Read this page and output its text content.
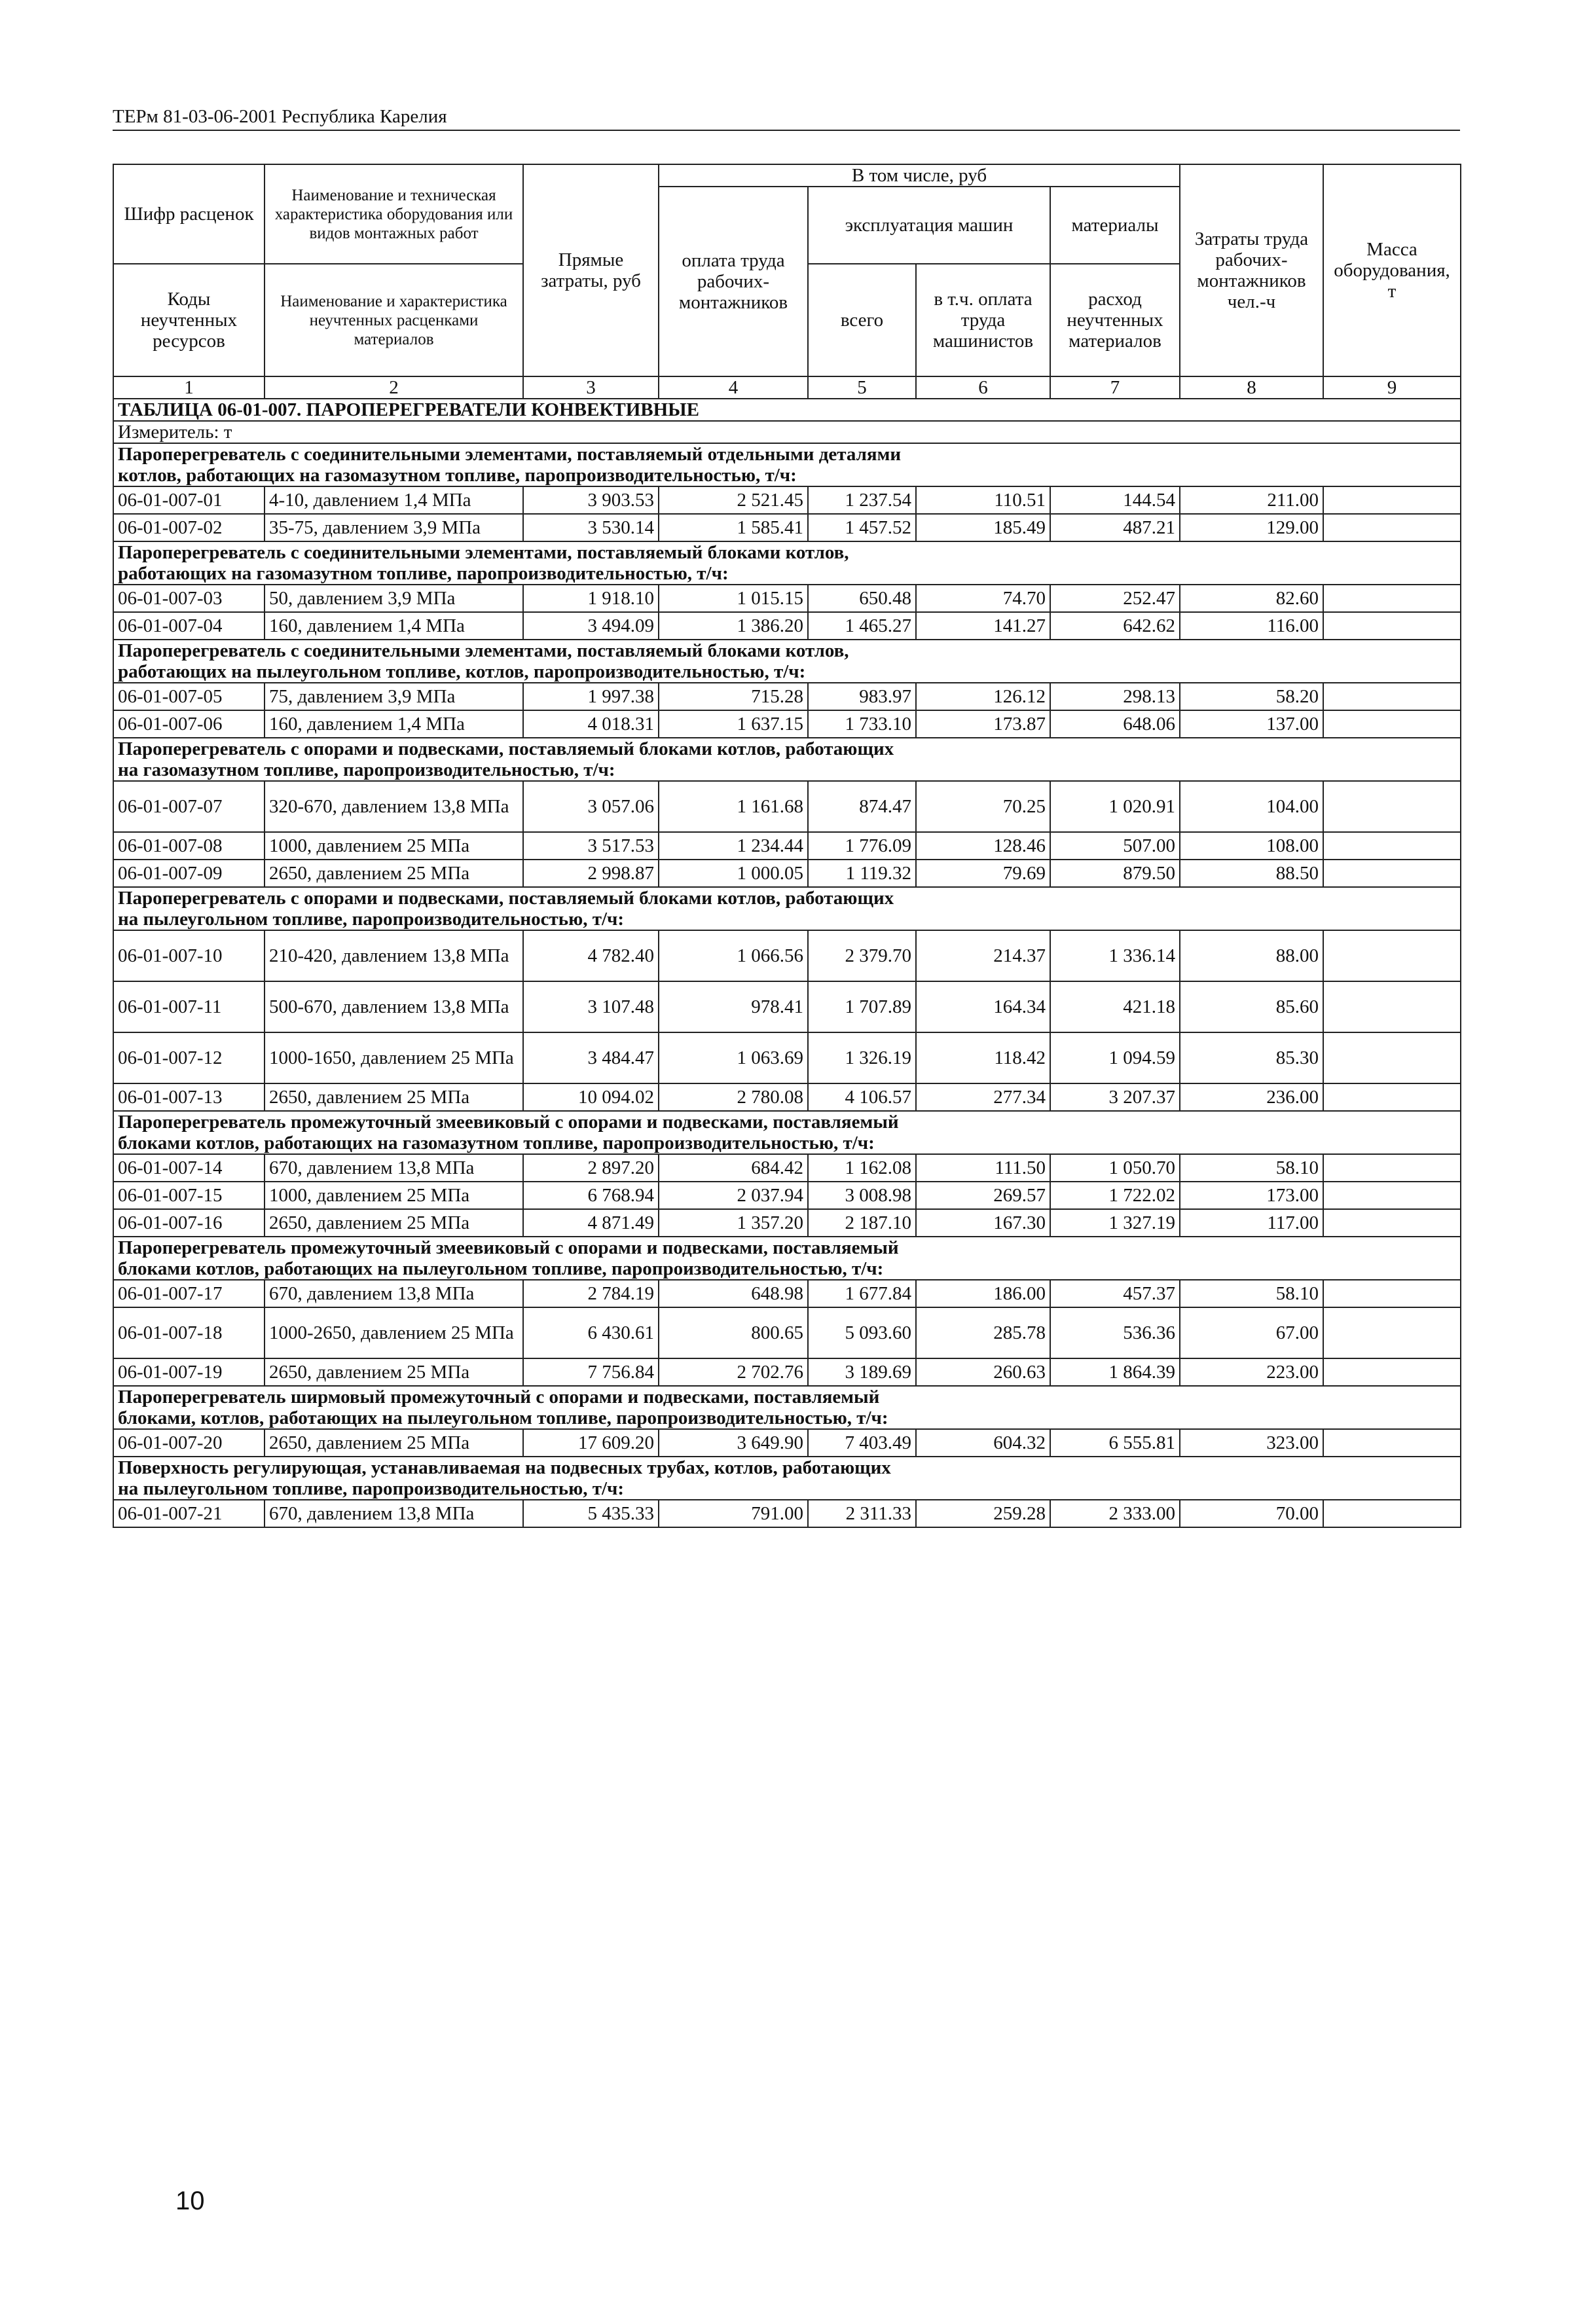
ТЕРм 81-03-06-2001 Республика Карелия
Шифр расценок	Наименование и техническая характеристика оборудования или видов монтажных работ	Прямые затраты, руб	В том числе, руб				Затраты труда рабочих-монтажников чел.-ч	Масса оборудования, т
			оплата труда рабочих-монтажников	эксплуатация машин		материалы		
Коды неучтенных ресурсов	Наименование и характеристика неучтенных расценками материалов			всего	в т.ч. оплата труда машинистов	расход неучтенных материалов		

1	2	3	4	5	6	7	8	9
ТАБЛИЦА 06-01-007. ПАРОПЕРЕГРЕВАТЕЛИ КОНВЕКТИВНЫЕ								
Измеритель: т								

Пароперегреватель с соединительными элементами, поставляемый отдельными деталями
котлов, работающих на газомазутном топливе, паропроизводительностью, т/ч:								

06-01-007-01	4-10, давлением 1,4 МПа	3 903.53	2 521.45	1 237.54	110.51	144.54	211.00	
06-01-007-02	35-75, давлением 3,9 МПа	3 530.14	1 585.41	1 457.52	185.49	487.21	129.00	

Пароперегреватель с соединительными элементами, поставляемый блоками котлов,
работающих на газомазутном топливе, паропроизводительностью, т/ч:								

06-01-007-03	50, давлением 3,9 МПа	1 918.10	1 015.15	650.48	74.70	252.47	82.60	
06-01-007-04	160, давлением 1,4 МПа	3 494.09	1 386.20	1 465.27	141.27	642.62	116.00	

Пароперегреватель с соединительными элементами, поставляемый блоками котлов,
работающих на пылеугольном топливе, котлов, паропроизводительностью, т/ч:								

06-01-007-05	75, давлением 3,9 МПа	1 997.38	715.28	983.97	126.12	298.13	58.20	
06-01-007-06	160, давлением 1,4 МПа	4 018.31	1 637.15	1 733.10	173.87	648.06	137.00	

Пароперегреватель с опорами и подвесками, поставляемый блоками котлов, работающих
на газомазутном топливе, паропроизводительностью, т/ч:								

06-01-007-07	320-670, давлением 13,8 МПа	3 057.06	1 161.68	874.47	70.25	1 020.91	104.00	
06-01-007-08	1000, давлением 25 МПа	3 517.53	1 234.44	1 776.09	128.46	507.00	108.00	
06-01-007-09	2650, давлением 25 МПа	2 998.87	1 000.05	1 119.32	79.69	879.50	88.50	

Пароперегреватель с опорами и подвесками, поставляемый блоками котлов, работающих
на пылеугольном топливе, паропроизводительностью, т/ч:								

06-01-007-10	210-420, давлением 13,8 МПа	4 782.40	1 066.56	2 379.70	214.37	1 336.14	88.00	
06-01-007-11	500-670, давлением 13,8 МПа	3 107.48	978.41	1 707.89	164.34	421.18	85.60	
06-01-007-12	1000-1650, давлением 25 МПа	3 484.47	1 063.69	1 326.19	118.42	1 094.59	85.30	
06-01-007-13	2650, давлением 25 МПа	10 094.02	2 780.08	4 106.57	277.34	3 207.37	236.00	

Пароперегреватель промежуточный змеевиковый с опорами и подвесками, поставляемый
блоками котлов, работающих на газомазутном топливе, паропроизводительностью, т/ч:								

06-01-007-14	670, давлением 13,8 МПа	2 897.20	684.42	1 162.08	111.50	1 050.70	58.10	
06-01-007-15	1000, давлением 25 МПа	6 768.94	2 037.94	3 008.98	269.57	1 722.02	173.00	
06-01-007-16	2650, давлением 25 МПа	4 871.49	1 357.20	2 187.10	167.30	1 327.19	117.00	

Пароперегреватель промежуточный змеевиковый с опорами и подвесками, поставляемый
блоками котлов, работающих на пылеугольном топливе, паропроизводительностью, т/ч:								

06-01-007-17	670, давлением 13,8 МПа	2 784.19	648.98	1 677.84	186.00	457.37	58.10	
06-01-007-18	1000-2650, давлением 25 МПа	6 430.61	800.65	5 093.60	285.78	536.36	67.00	
06-01-007-19	2650, давлением 25 МПа	7 756.84	2 702.76	3 189.69	260.63	1 864.39	223.00	

Пароперегреватель ширмовый промежуточный с опорами и подвесками, поставляемый
блоками, котлов, работающих на пылеугольном топливе, паропроизводительностью, т/ч:								

06-01-007-20	2650, давлением 25 МПа	17 609.20	3 649.90	7 403.49	604.32	6 555.81	323.00	

Поверхность регулирующая, устанавливаемая на подвесных трубах, котлов, работающих
на пылеугольном топливе, паропроизводительностью, т/ч:								

06-01-007-21	670, давлением 13,8 МПа	5 435.33	791.00	2 311.33	259.28	2 333.00	70.00	
10
